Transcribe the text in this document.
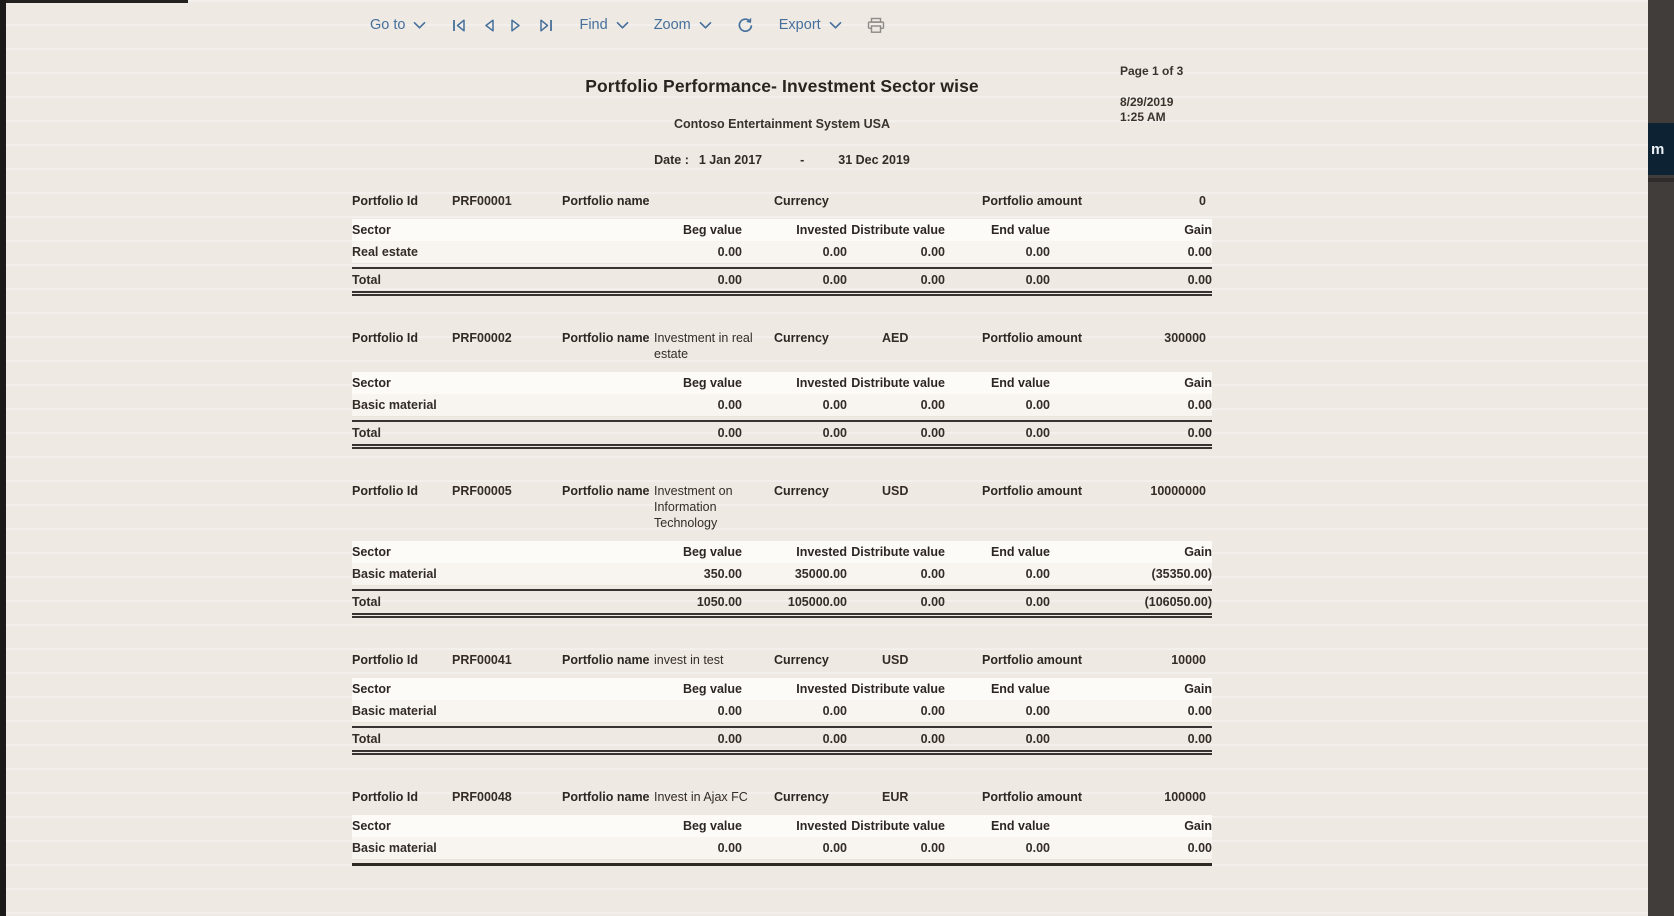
m
Go to	Find	Zoom	Export
Portfolio Performance- Investment Sector wise
Contoso Entertainment System USA
Date : 1 Jan 2017	-	31 Dec 2019
Page 1 of 3
8/29/2019
1:25 AM
Portfolio Id	PRF00001	Portfolio name	Currency	Portfolio amount	0
Sector	Beg value	Invested Distribute value	End value	Gain
Real estate	0.00	0.00	0.00	0.00	0.00
Total	0.00	0.00	0.00	0.00	0.00
Portfolio Id	PRF00002	Portfolio name Investment in real estate
Currency	AED	Portfolio amount	300000
Sector	Beg value	Invested Distribute value	End value	Gain
Basic material	0.00	0.00	0.00	0.00	0.00
Total	0.00	0.00	0.00	0.00	0.00
Portfolio Id	PRF00005	Portfolio name Investment on Information Technology
Currency	USD	Portfolio amount	10000000
Sector	Beg value	Invested Distribute value	End value	Gain
Basic material	350.00	35000.00	0.00	0.00	(35350.00)
Total	1050.00	105000.00	0.00	0.00	(106050.00)
Portfolio Id	PRF00041	Portfolio name invest in test	Currency	USD	Portfolio amount	10000
Sector	Beg value	Invested Distribute value	End value	Gain
Basic material	0.00	0.00	0.00	0.00	0.00
Total	0.00	0.00	0.00	0.00	0.00
Portfolio Id	PRF00048	Portfolio name Invest in Ajax FC	Currency	EUR	Portfolio amount	100000
Sector	Beg value	Invested Distribute value	End value	Gain
Basic material	0.00	0.00	0.00	0.00	0.00
